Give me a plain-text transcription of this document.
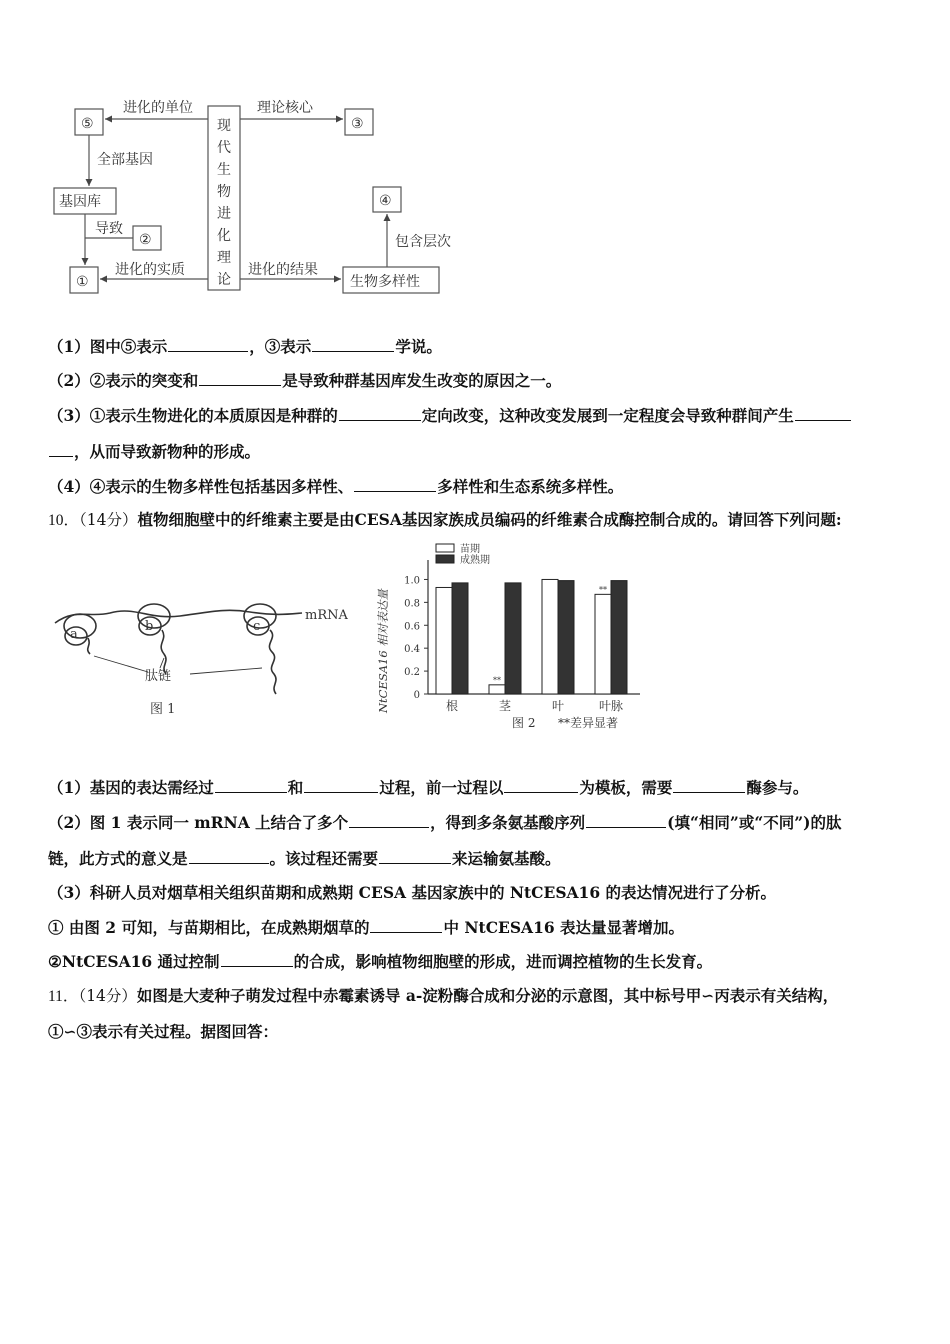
⑤	③
④
②
①
基因库
生物多样性
进化的单位	理论核心
全部基因
导致
进化的实质	进化的结果
包含层次
现代生物进化理论
（1）图中⑤表示	，③表示	学说。
（2）②表示的突变和	是导致种群基因库发生改变的原因之一。
（3）①表示生物进化的本质原因是种群的	定向改变，这种改变发展到一定程度会导致种群间产生
，从而导致新物种的形成。
（4）④表示的生物多样性包括基因多样性、	多样性和生态系统多样性。
10．（14分）植物细胞壁中的纤维素主要是由CESA基因家族成员编码的纤维素合成酶控制合成的。请回答下列问题:
a
b	c
mRNA
肽链
图 1
苗期
成熟期
0
0.2
0.4
0.6
0.8
1.0
根	茎	叶	叶脉
**
**
NtCESA16 相对表达量
图 2 **差异显著
（1）基因的表达需经过	和	过程，前一过程以	为模板，需要	酶参与。
（2）图 1 表示同一 mRNA 上结合了多个	，得到多条氨基酸序列	(填“相同”或“不同”)的肽
链，此方式的意义是	。该过程还需要	来运输氨基酸。
（3）科研人员对烟草相关组织苗期和成熟期 CESA 基因家族中的 NtCESA16 的表达情况进行了分析。
① 由图 2 可知，与苗期相比，在成熟期烟草的	中 NtCESA16 表达量显著增加。
②NtCESA16 通过控制	的合成，影响植物细胞壁的形成，进而调控植物的生长发育。
11．（14分）如图是大麦种子萌发过程中赤霉素诱导 a-淀粉酶合成和分泌的示意图，其中标号甲∽丙表示有关结构，
①∽③表示有关过程。据图回答：
